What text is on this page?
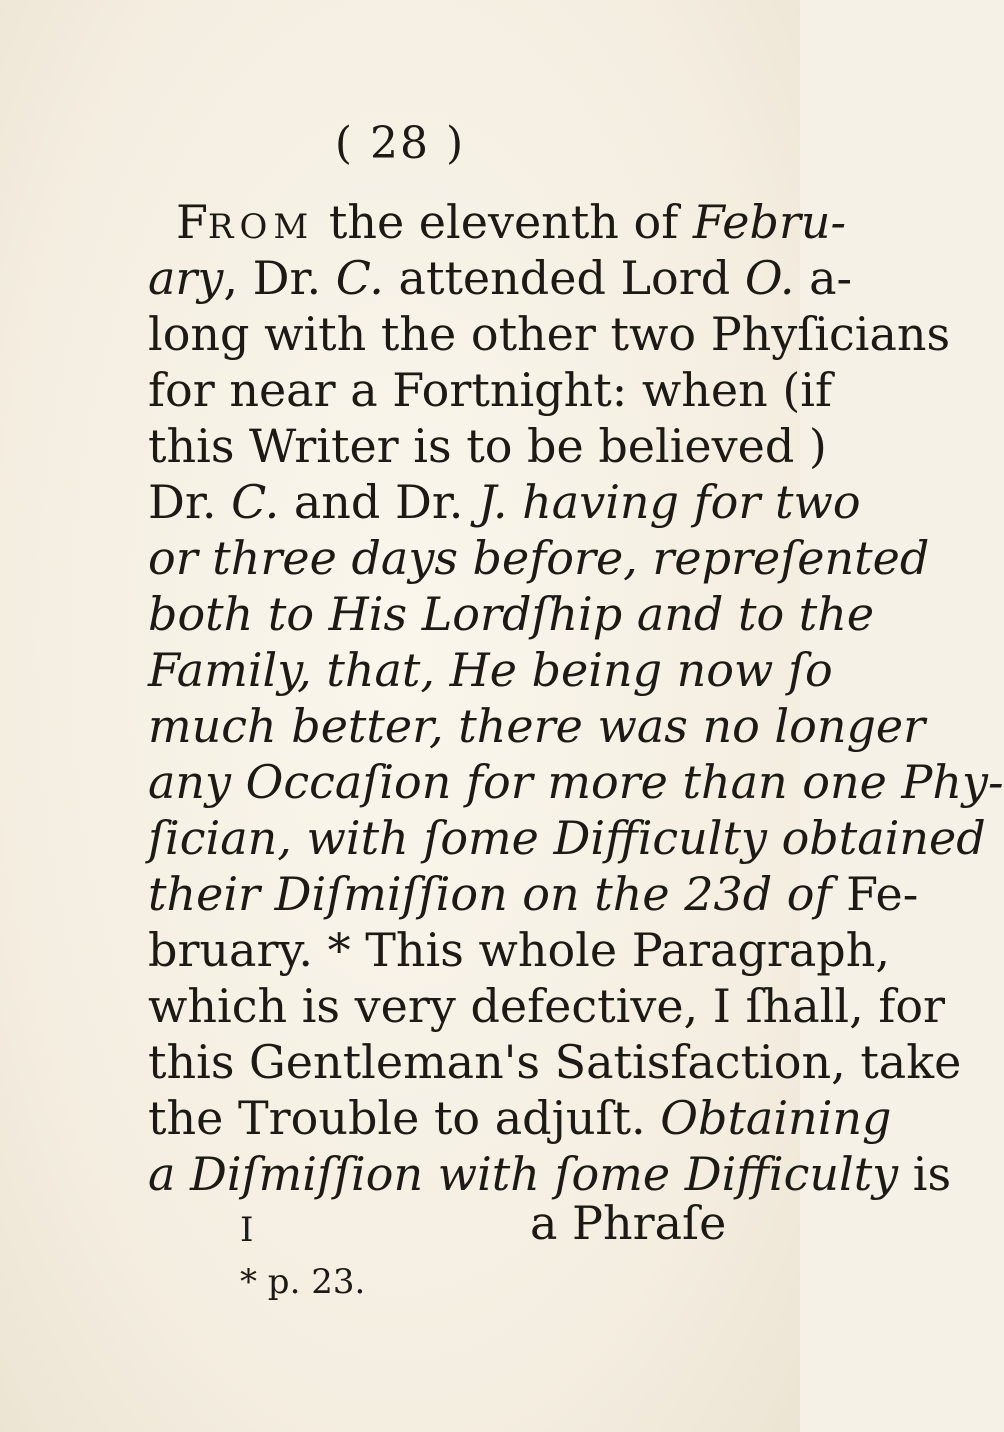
( 28 )
FROM the eleventh of Febru-
ary, Dr. C. attended Lord O. a-
long with the other two Phyſicians
for near a Fortnight: when (if
this Writer is to be believed )
Dr. C. and Dr. J. having for two
or three days before, repreſented
both to His Lordſhip and to the
Family, that, He being now ſo
much better, there was no longer
any Occaſion for more than one Phy-
ſician, with ſome Difficulty obtained
their Diſmiſſion on the 23d of Fe-
bruary. * This whole Paragraph,
which is very defective, I ſhall, for
this Gentleman's Satisfaction, take
the Trouble to adjuſt. Obtaining
a Diſmiſſion with ſome Difficulty is
I	a Phraſe
* p. 23.
